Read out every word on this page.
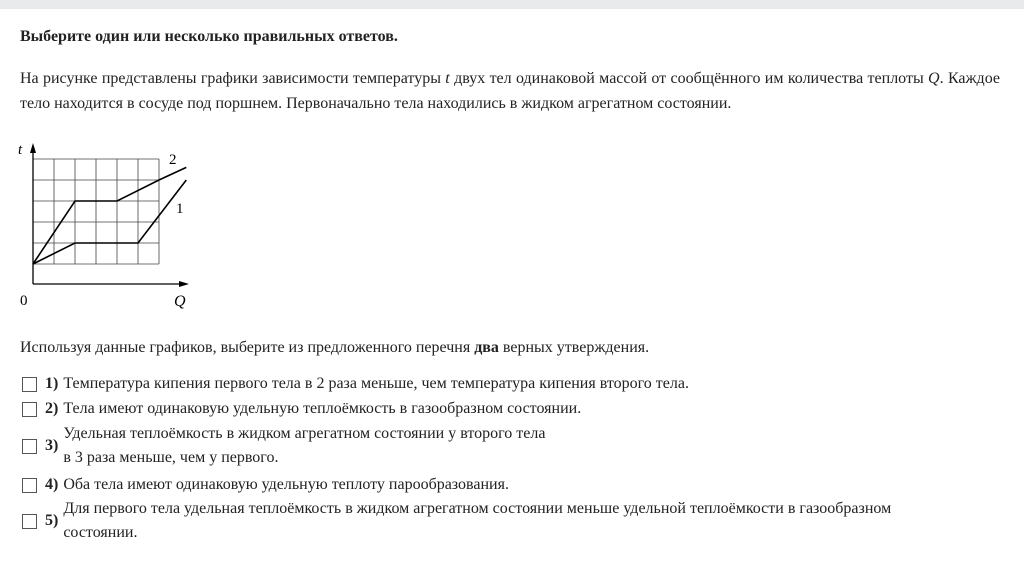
Выберите один или несколько правильных ответов.
На рисунке представлены графики зависимости температуры t двух тел одинаковой массой от сообщённого им количества теплоты Q. Каждое тело находится в сосуде под поршнем. Первоначально тела находились в жидком агрегатном состоянии.
t
Q
0
2
1
Используя данные графиков, выберите из предложенного перечня два верных утверждения.
1) Температура кипения первого тела в 2 раза меньше, чем температура кипения второго тела.
2) Тела имеют одинаковую удельную теплоёмкость в газообразном состоянии.
3)
Удельная теплоёмкость в жидком агрегатном состоянии у второго тела
в 3 раза меньше, чем у первого.
4) Оба тела имеют одинаковую удельную теплоту парообразования.
5)
Для первого тела удельная теплоёмкость в жидком агрегатном состоянии меньше удельной теплоёмкости в газообразном
состоянии.
